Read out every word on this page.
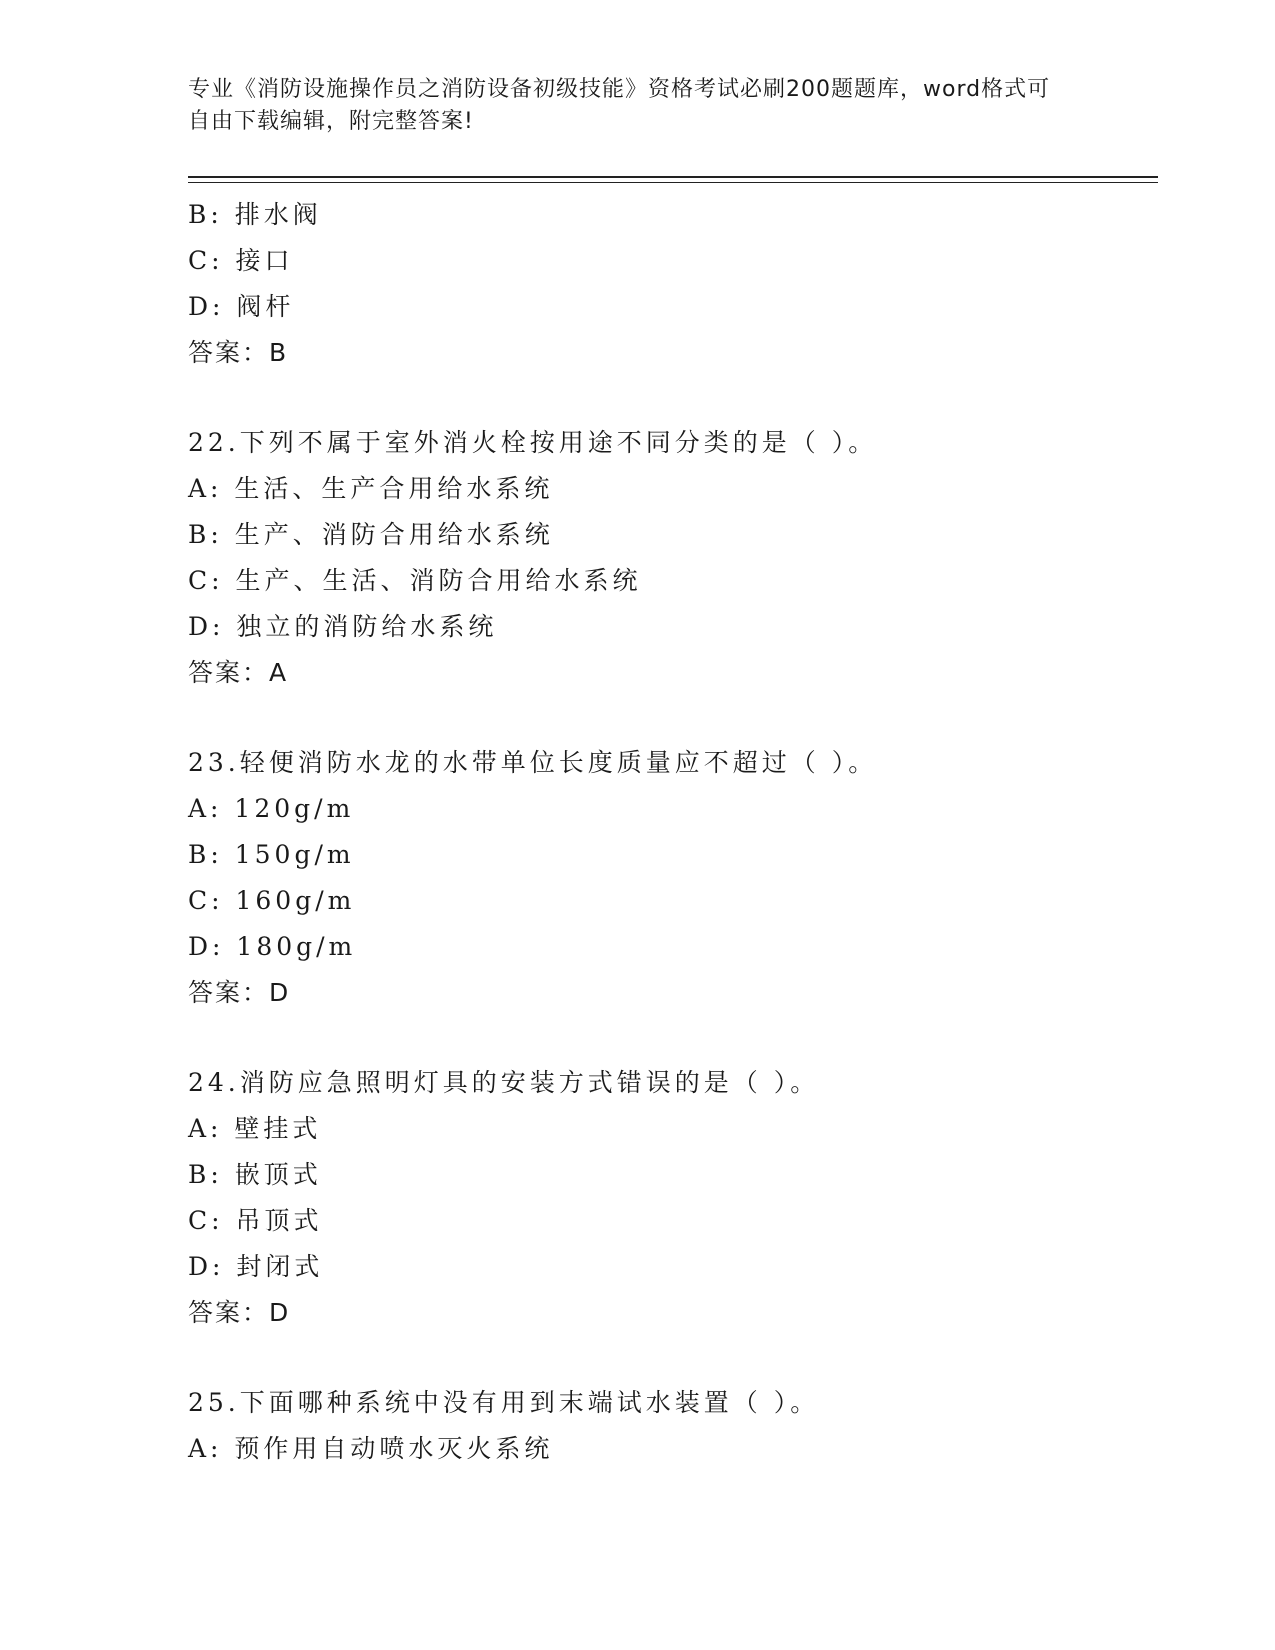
专业《消防设施操作员之消防设备初级技能》资格考试必刷200题题库，word格式可自由下载编辑，附完整答案!
B: 排水阀
C: 接口
D: 阀杆
答案：B
22.下列不属于室外消火栓按用途不同分类的是（ ）。
A: 生活、生产合用给水系统
B: 生产、消防合用给水系统
C: 生产、生活、消防合用给水系统
D: 独立的消防给水系统
答案：A
23.轻便消防水龙的水带单位长度质量应不超过（ ）。
A: 120g/m
B: 150g/m
C: 160g/m
D: 180g/m
答案：D
24.消防应急照明灯具的安装方式错误的是（ ）。
A: 壁挂式
B: 嵌顶式
C: 吊顶式
D: 封闭式
答案：D
25.下面哪种系统中没有用到末端试水装置（ ）。
A: 预作用自动喷水灭火系统
